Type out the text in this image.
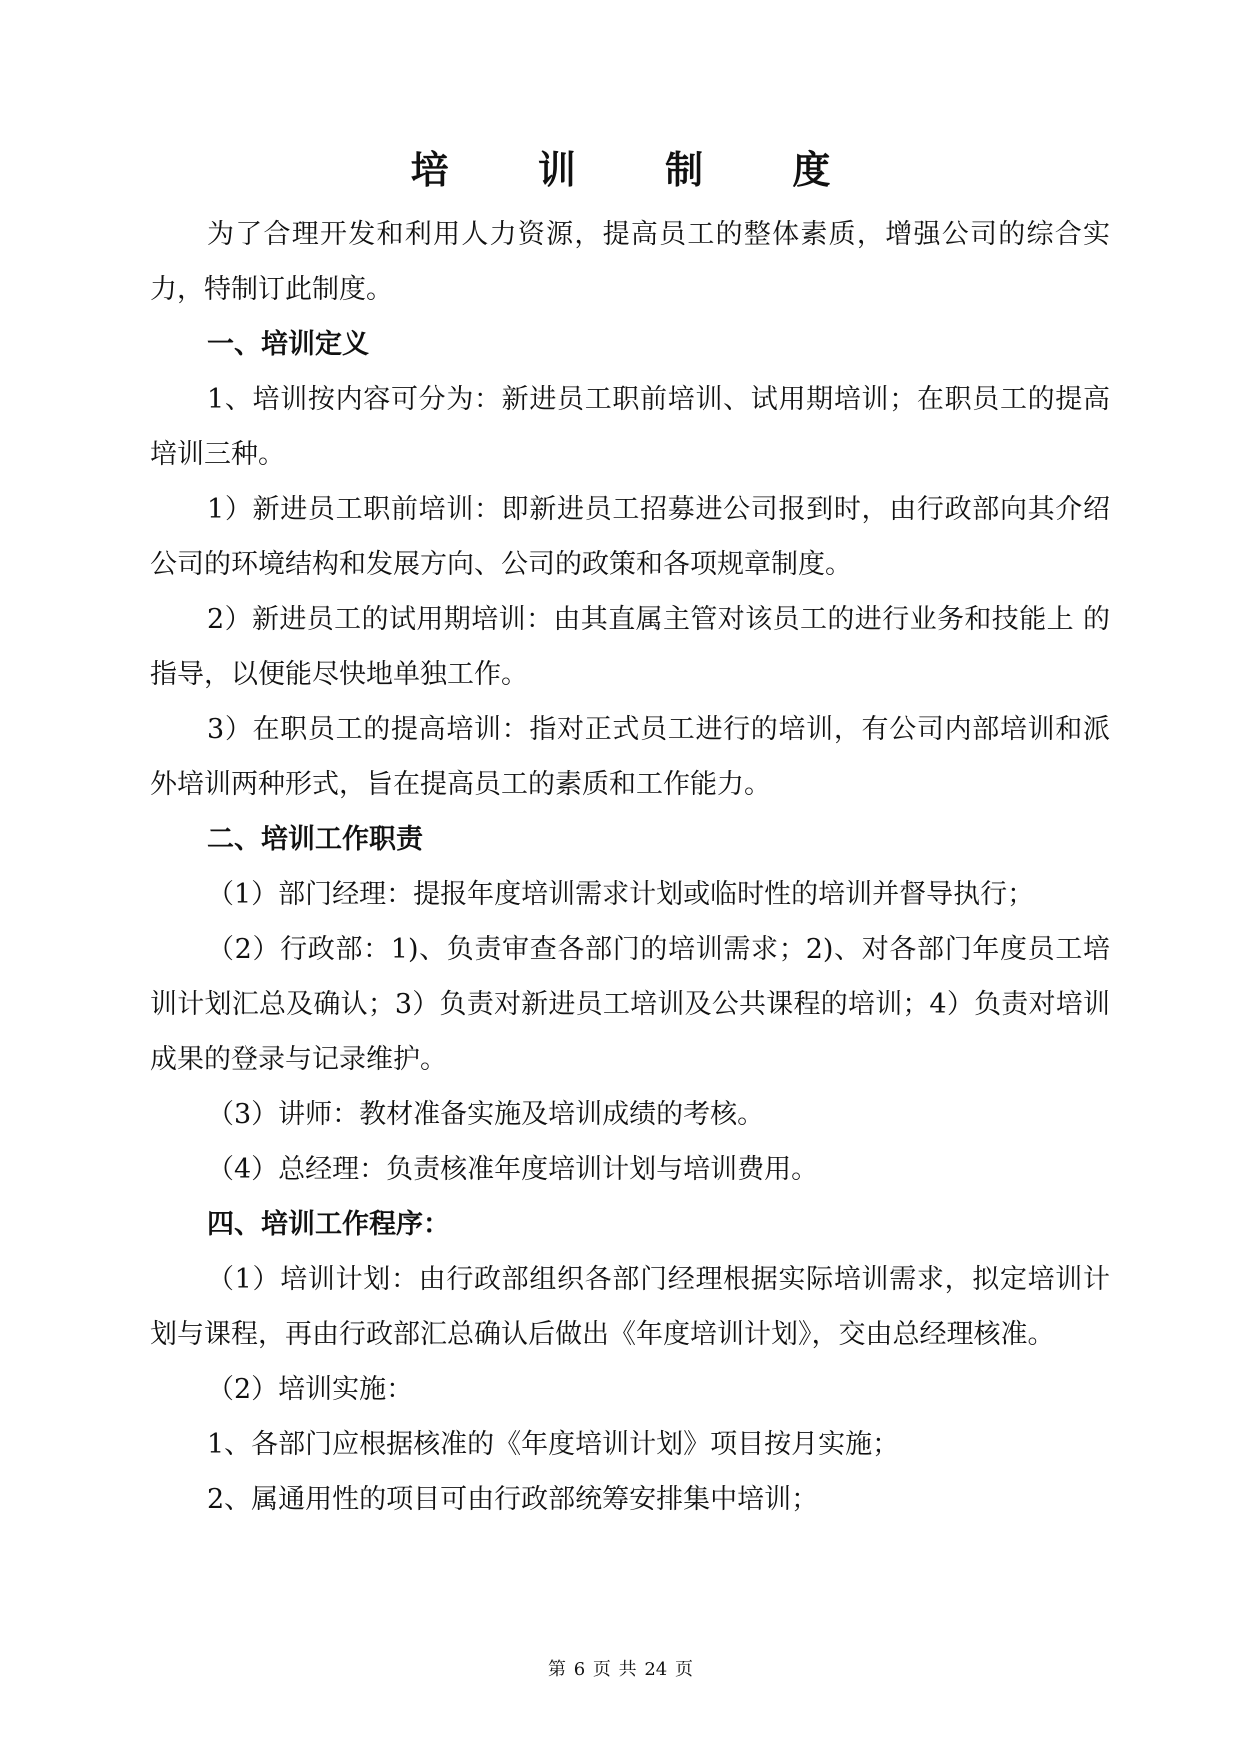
培 训 制 度

为了合理开发和利用人力资源，提高员工的整体素质，增强公司的综合实力，特制订此制度。

一、培训定义

1、培训按内容可分为：新进员工职前培训、试用期培训；在职员工的提高培训三种。

1）新进员工职前培训：即新进员工招募进公司报到时，由行政部向其介绍公司的环境结构和发展方向、公司的政策和各项规章制度。

2）新进员工的试用期培训：由其直属主管对该员工的进行业务和技能上 的指导，以便能尽快地单独工作。

3）在职员工的提高培训：指对正式员工进行的培训，有公司内部培训和派外培训两种形式，旨在提高员工的素质和工作能力。

二、培训工作职责

（1）部门经理：提报年度培训需求计划或临时性的培训并督导执行；

（2）行政部：1)、负责审查各部门的培训需求；2)、对各部门年度员工培训计划汇总及确认；3）负责对新进员工培训及公共课程的培训；4）负责对培训成果的登录与记录维护。

（3）讲师：教材准备实施及培训成绩的考核。

（4）总经理：负责核准年度培训计划与培训费用。

四、培训工作程序：

（1）培训计划：由行政部组织各部门经理根据实际培训需求，拟定培训计划与课程，再由行政部汇总确认后做出《年度培训计划》，交由总经理核准。

（2）培训实施：

1、各部门应根据核准的《年度培训计划》项目按月实施；

2、属通用性的项目可由行政部统筹安排集中培训；

第 6 页 共 24 页
